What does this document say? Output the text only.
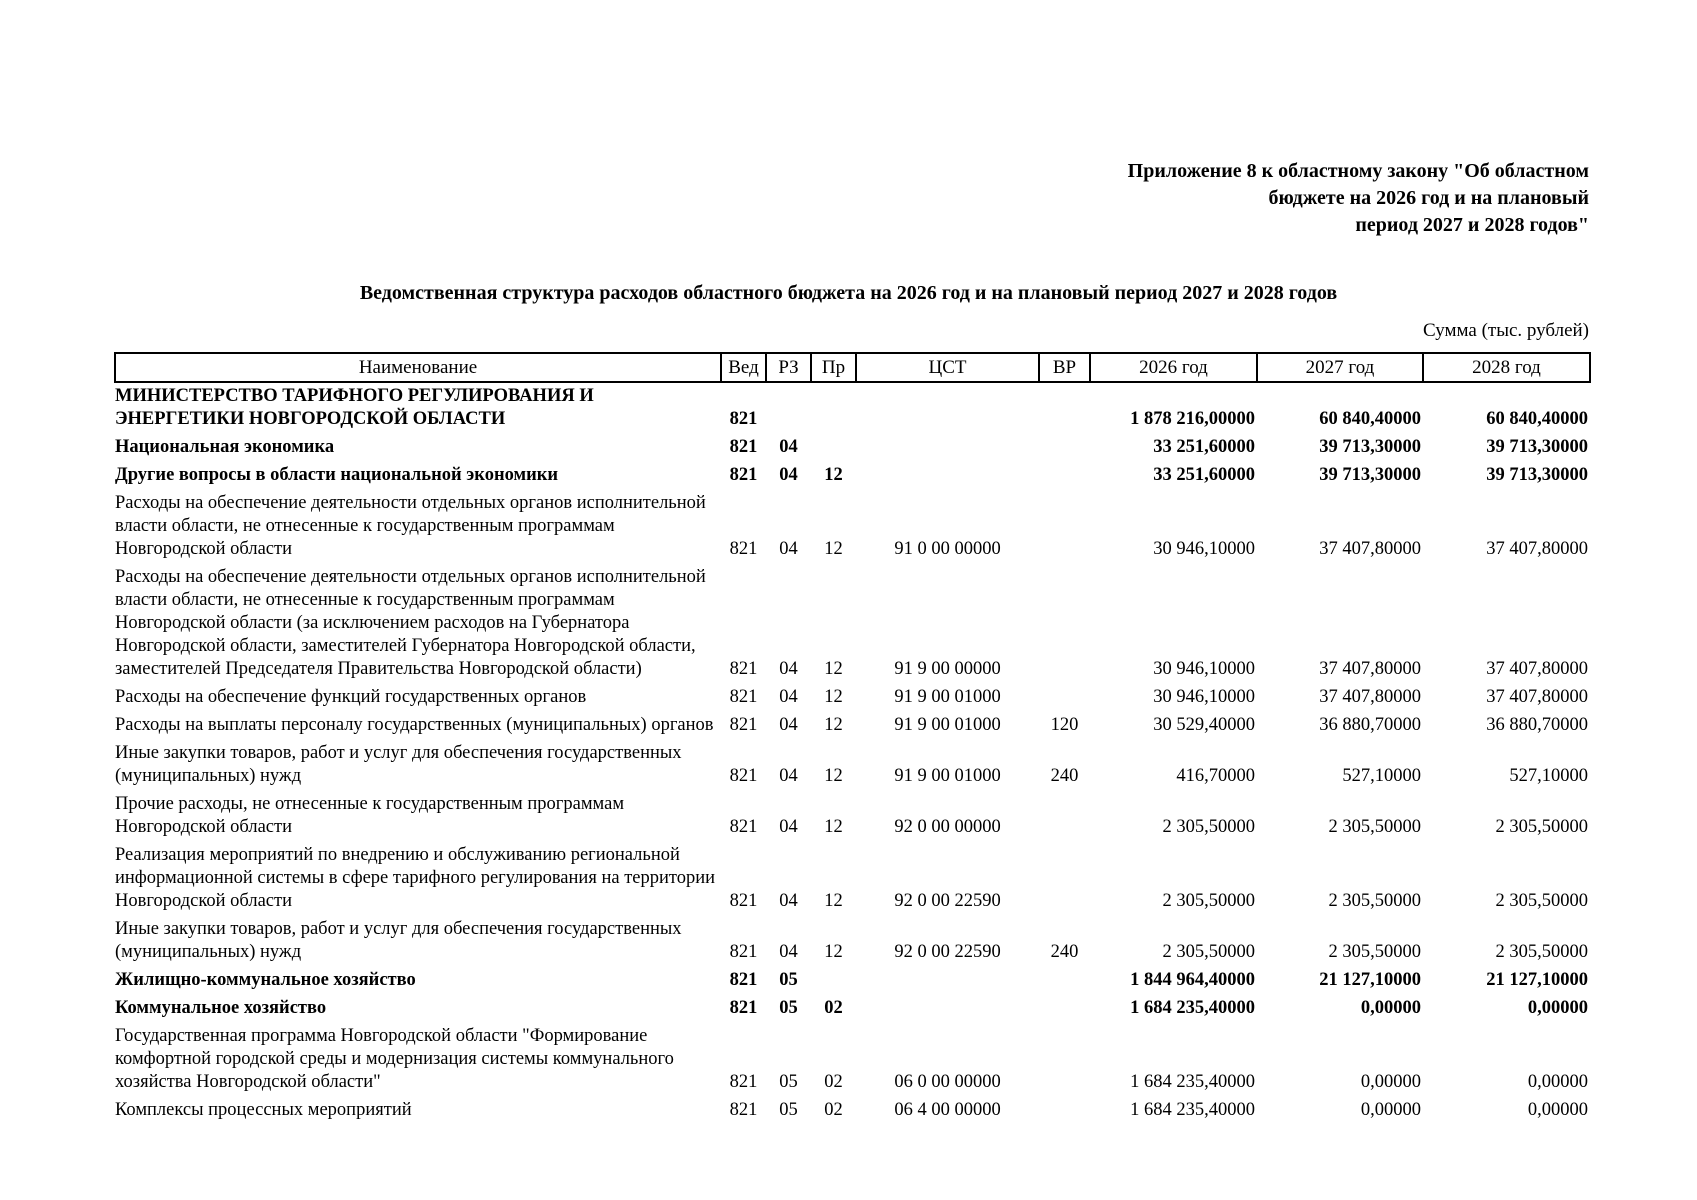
Приложение 8 к областному закону "Об областном
бюджете на 2026 год и на плановый
период 2027 и 2028 годов"
Ведомственная структура расходов областного бюджета на 2026 год и на плановый период 2027 и 2028 годов
Сумма (тыс. рублей)
Наименование	Вед	РЗ	Пр	ЦСТ	ВР	2026 год	2027 год	2028 год
МИНИСТЕРСТВО ТАРИФНОГО РЕГУЛИРОВАНИЯ И ЭНЕРГЕТИКИ НОВГОРОДСКОЙ ОБЛАСТИ	821					1 878 216,00000	60 840,40000	60 840,40000
Национальная экономика	821	04				33 251,60000	39 713,30000	39 713,30000
Другие вопросы в области национальной экономики	821	04	12			33 251,60000	39 713,30000	39 713,30000
Расходы на обеспечение деятельности отдельных органов исполнительной власти области, не отнесенные к государственным программам Новгородской области	821	04	12	91 0 00 00000		30 946,10000	37 407,80000	37 407,80000
Расходы на обеспечение деятельности отдельных органов исполнительной власти области, не отнесенные к государственным программам Новгородской области (за исключением расходов на Губернатора Новгородской области, заместителей Губернатора Новгородской области, заместителей Председателя Правительства Новгородской области)	821	04	12	91 9 00 00000		30 946,10000	37 407,80000	37 407,80000
Расходы на обеспечение функций государственных органов	821	04	12	91 9 00 01000		30 946,10000	37 407,80000	37 407,80000
Расходы на выплаты персоналу государственных (муниципальных) органов	821	04	12	91 9 00 01000	120	30 529,40000	36 880,70000	36 880,70000
Иные закупки товаров, работ и услуг для обеспечения государственных (муниципальных) нужд	821	04	12	91 9 00 01000	240	416,70000	527,10000	527,10000
Прочие расходы, не отнесенные к государственным программам Новгородской области	821	04	12	92 0 00 00000		2 305,50000	2 305,50000	2 305,50000
Реализация мероприятий по внедрению и обслуживанию региональной информационной системы в сфере тарифного регулирования на территории Новгородской области	821	04	12	92 0 00 22590		2 305,50000	2 305,50000	2 305,50000
Иные закупки товаров, работ и услуг для обеспечения государственных (муниципальных) нужд	821	04	12	92 0 00 22590	240	2 305,50000	2 305,50000	2 305,50000
Жилищно-коммунальное хозяйство	821	05				1 844 964,40000	21 127,10000	21 127,10000
Коммунальное хозяйство	821	05	02			1 684 235,40000	0,00000	0,00000
Государственная программа Новгородской области "Формирование комфортной городской среды и модернизация системы коммунального хозяйства Новгородской области"	821	05	02	06 0 00 00000		1 684 235,40000	0,00000	0,00000
Комплексы процессных мероприятий	821	05	02	06 4 00 00000		1 684 235,40000	0,00000	0,00000
